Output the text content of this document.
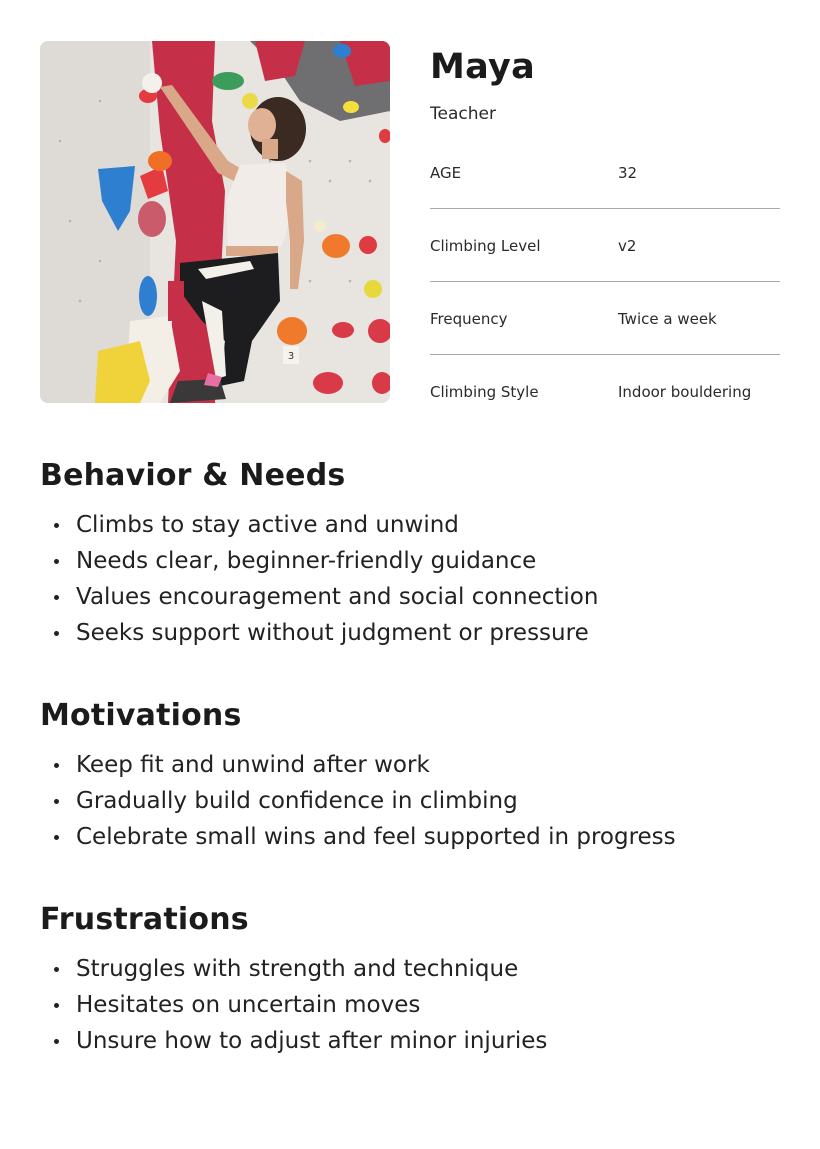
3
Maya
Teacher
AGE	32
Climbing Level	v2
Frequency	Twice a week
Climbing Style	Indoor bouldering
Behavior & Needs
Climbs to stay active and unwind
Needs clear, beginner-friendly guidance
Values encouragement and social connection
Seeks support without judgment or pressure
Motivations
Keep fit and unwind after work
Gradually build confidence in climbing
Celebrate small wins and feel supported in progress
Frustrations
Struggles with strength and technique
Hesitates on uncertain moves
Unsure how to adjust after minor injuries
